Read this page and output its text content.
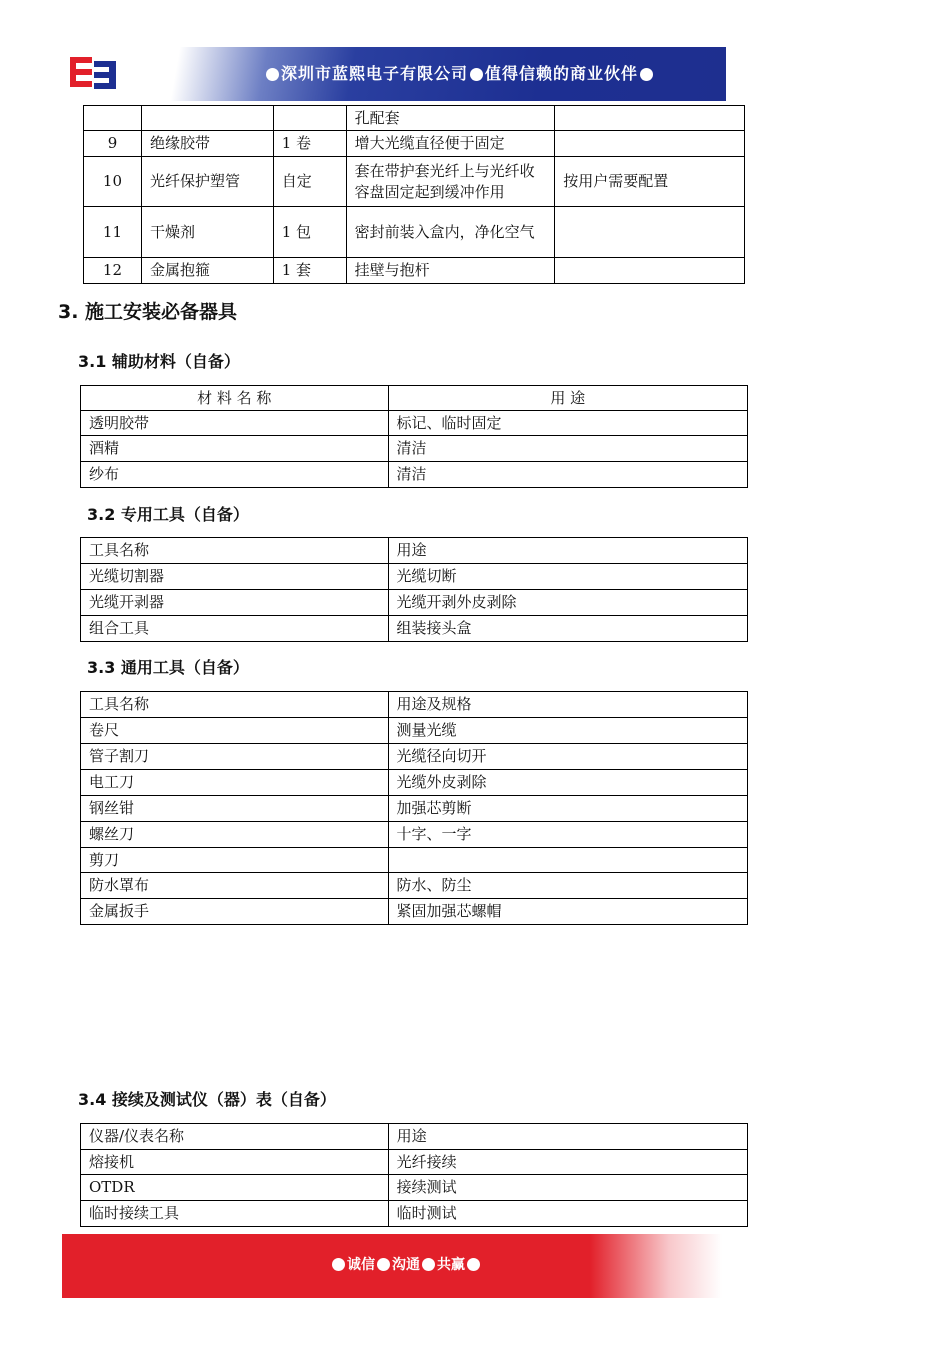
深圳市蓝熙电子有限公司 值得信赖的商业伙伴
			孔配套	
9	绝缘胶带	1 卷	增大光缆直径便于固定	
10	光纤保护塑管	自定	套在带护套光纤上与光纤收容盘固定起到缓冲作用	按用户需要配置
11	干燥剂	1 包	密封前装入盒内，净化空气	
12	金属抱箍	1 套	挂壁与抱杆	
3. 施工安装必备器具
3.1 辅助材料（自备）
材 料 名 称	用 途
透明胶带	标记、临时固定
酒精	清洁
纱布	清洁
3.2 专用工具（自备）
工具名称	用途
光缆切割器	光缆切断
光缆开剥器	光缆开剥外皮剥除
组合工具	组装接头盒
3.3 通用工具（自备）
工具名称	用途及规格
卷尺	测量光缆
管子割刀	光缆径向切开
电工刀	光缆外皮剥除
钢丝钳	加强芯剪断
螺丝刀	十字、一字
剪刀	
防水罩布	防水、防尘
金属扳手	紧固加强芯螺帽
3.4 接续及测试仪（器）表（自备）
仪器/仪表名称	用途
熔接机	光纤接续
OTDR	接续测试
临时接续工具	临时测试
诚信 沟通 共赢
